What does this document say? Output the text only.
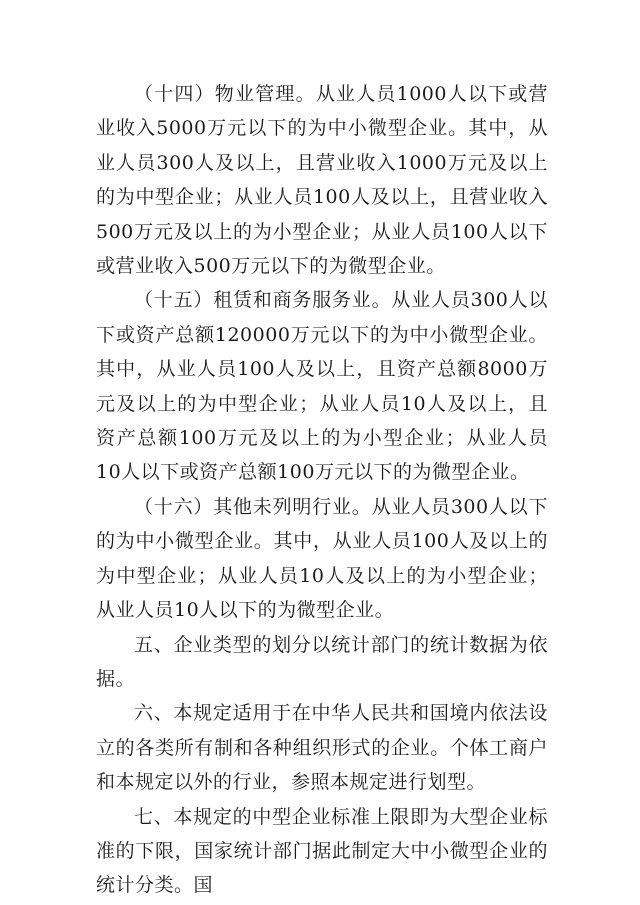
（十四）物业管理。从业人员1000人以下或营业收入5000万元以下的为中小微型企业。其中，从业人员300人及以上，且营业收入1000万元及以上的为中型企业；从业人员100人及以上，且营业收入500万元及以上的为小型企业；从业人员100人以下或营业收入500万元以下的为微型企业。

（十五）租赁和商务服务业。从业人员300人以下或资产总额120000万元以下的为中小微型企业。其中，从业人员100人及以上，且资产总额8000万元及以上的为中型企业；从业人员10人及以上，且资产总额100万元及以上的为小型企业；从业人员10人以下或资产总额100万元以下的为微型企业。

（十六）其他未列明行业。从业人员300人以下的为中小微型企业。其中，从业人员100人及以上的为中型企业；从业人员10人及以上的为小型企业；从业人员10人以下的为微型企业。

五、企业类型的划分以统计部门的统计数据为依据。

六、本规定适用于在中华人民共和国境内依法设立的各类所有制和各种组织形式的企业。个体工商户和本规定以外的行业，参照本规定进行划型。

七、本规定的中型企业标准上限即为大型企业标准的下限，国家统计部门据此制定大中小微型企业的统计分类。国
